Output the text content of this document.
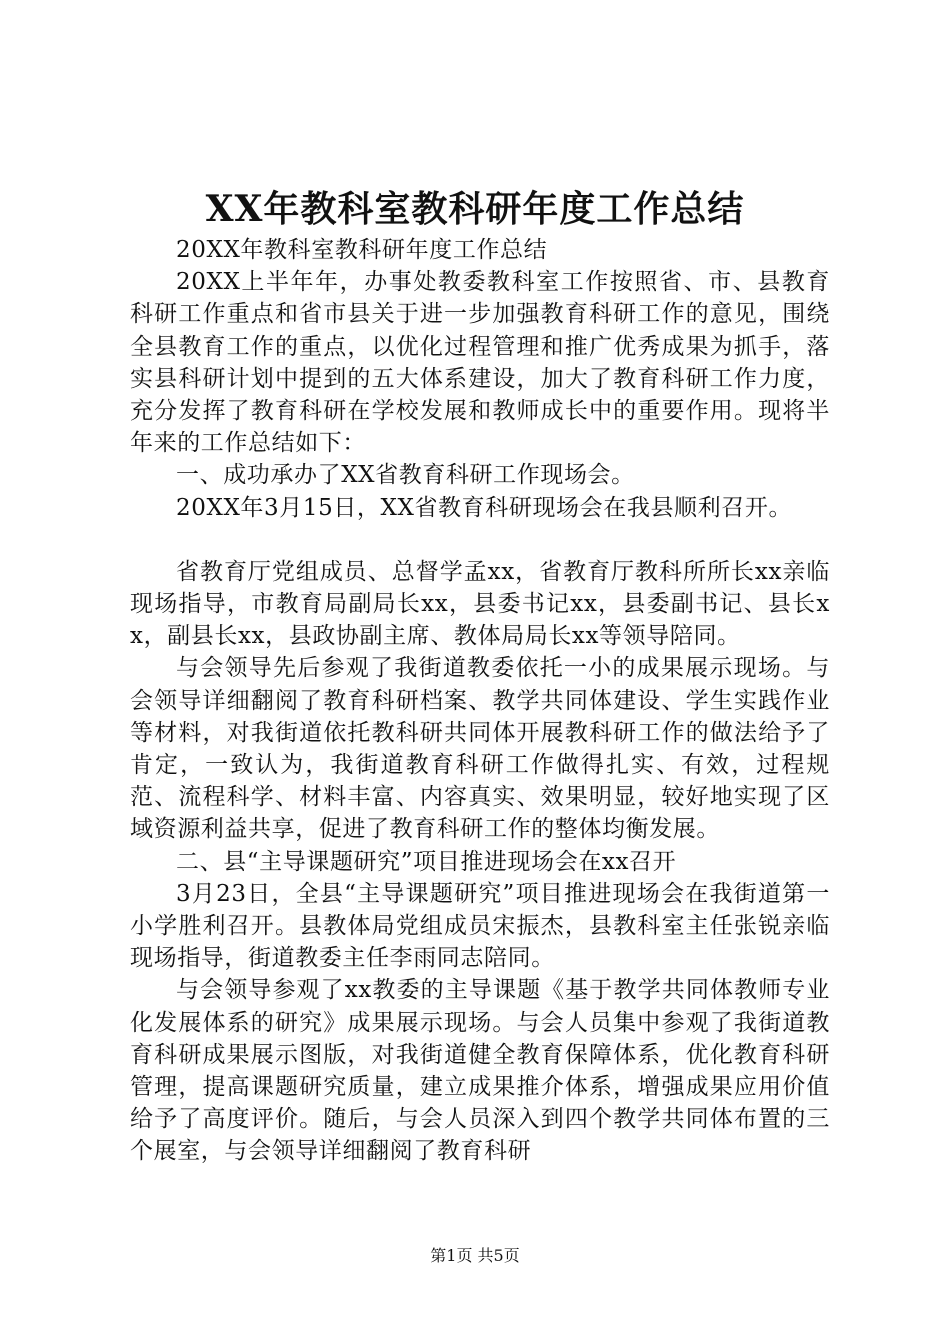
XX年教科室教科研年度工作总结

20XX年教科室教科研年度工作总结

20XX上半年年，办事处教委教科室工作按照省、市、县教育科研工作重点和省市县关于进一步加强教育科研工作的意见，围绕全县教育工作的重点，以优化过程管理和推广优秀成果为抓手，落实县科研计划中提到的五大体系建设，加大了教育科研工作力度，充分发挥了教育科研在学校发展和教师成长中的重要作用。现将半年来的工作总结如下：

一、成功承办了XX省教育科研工作现场会。

20XX年3月15日，XX省教育科研现场会在我县顺利召开。

省教育厅党组成员、总督学孟xx，省教育厅教科所所长xx亲临现场指导，市教育局副局长xx，县委书记xx，县委副书记、县长xx，副县长xx，县政协副主席、教体局局长xx等领导陪同。

与会领导先后参观了我街道教委依托一小的成果展示现场。与会领导详细翻阅了教育科研档案、教学共同体建设、学生实践作业等材料，对我街道依托教科研共同体开展教科研工作的做法给予了肯定，一致认为，我街道教育科研工作做得扎实、有效，过程规范、流程科学、材料丰富、内容真实、效果明显，较好地实现了区域资源利益共享，促进了教育科研工作的整体均衡发展。

二、县“主导课题研究”项目推进现场会在xx召开

3月23日，全县“主导课题研究”项目推进现场会在我街道第一小学胜利召开。县教体局党组成员宋振杰，县教科室主任张锐亲临现场指导，街道教委主任李雨同志陪同。

与会领导参观了xx教委的主导课题《基于教学共同体教师专业化发展体系的研究》成果展示现场。与会人员集中参观了我街道教育科研成果展示图版，对我街道健全教育保障体系，优化教育科研管理，提高课题研究质量，建立成果推介体系，增强成果应用价值给予了高度评价。随后，与会人员深入到四个教学共同体布置的三个展室，与会领导详细翻阅了教育科研

第1页 共5页
